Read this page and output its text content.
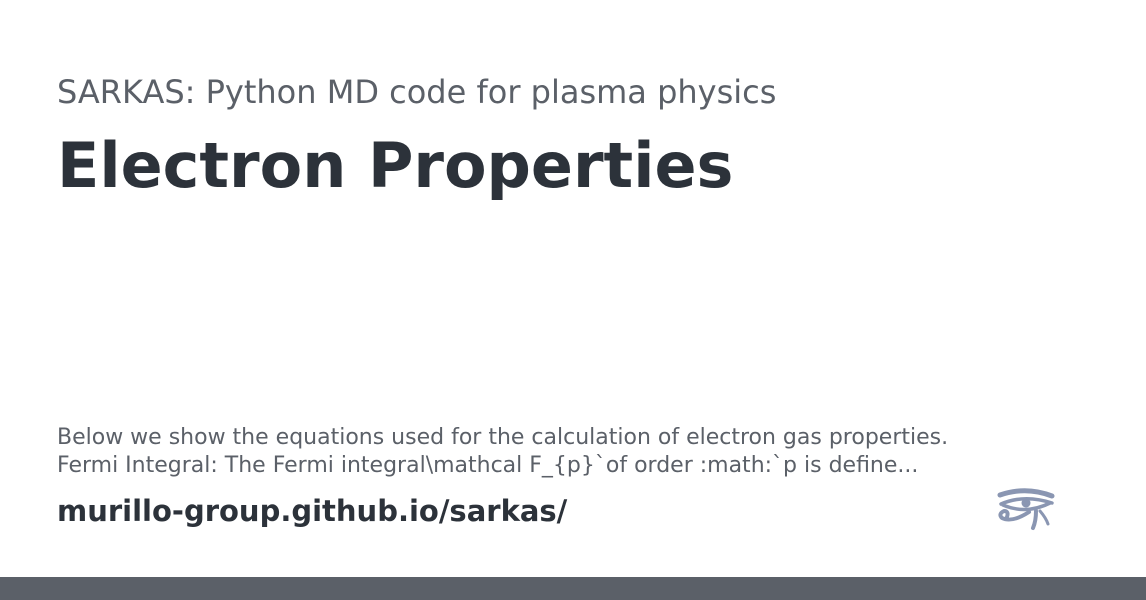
SARKAS: Python MD code for plasma physics
Electron Properties
Below we show the equations used for the calculation of electron gas properties.
Fermi Integral: The Fermi integral\mathcal F_{p}`of order :math:`p is define...
murillo-group.github.io/sarkas/
